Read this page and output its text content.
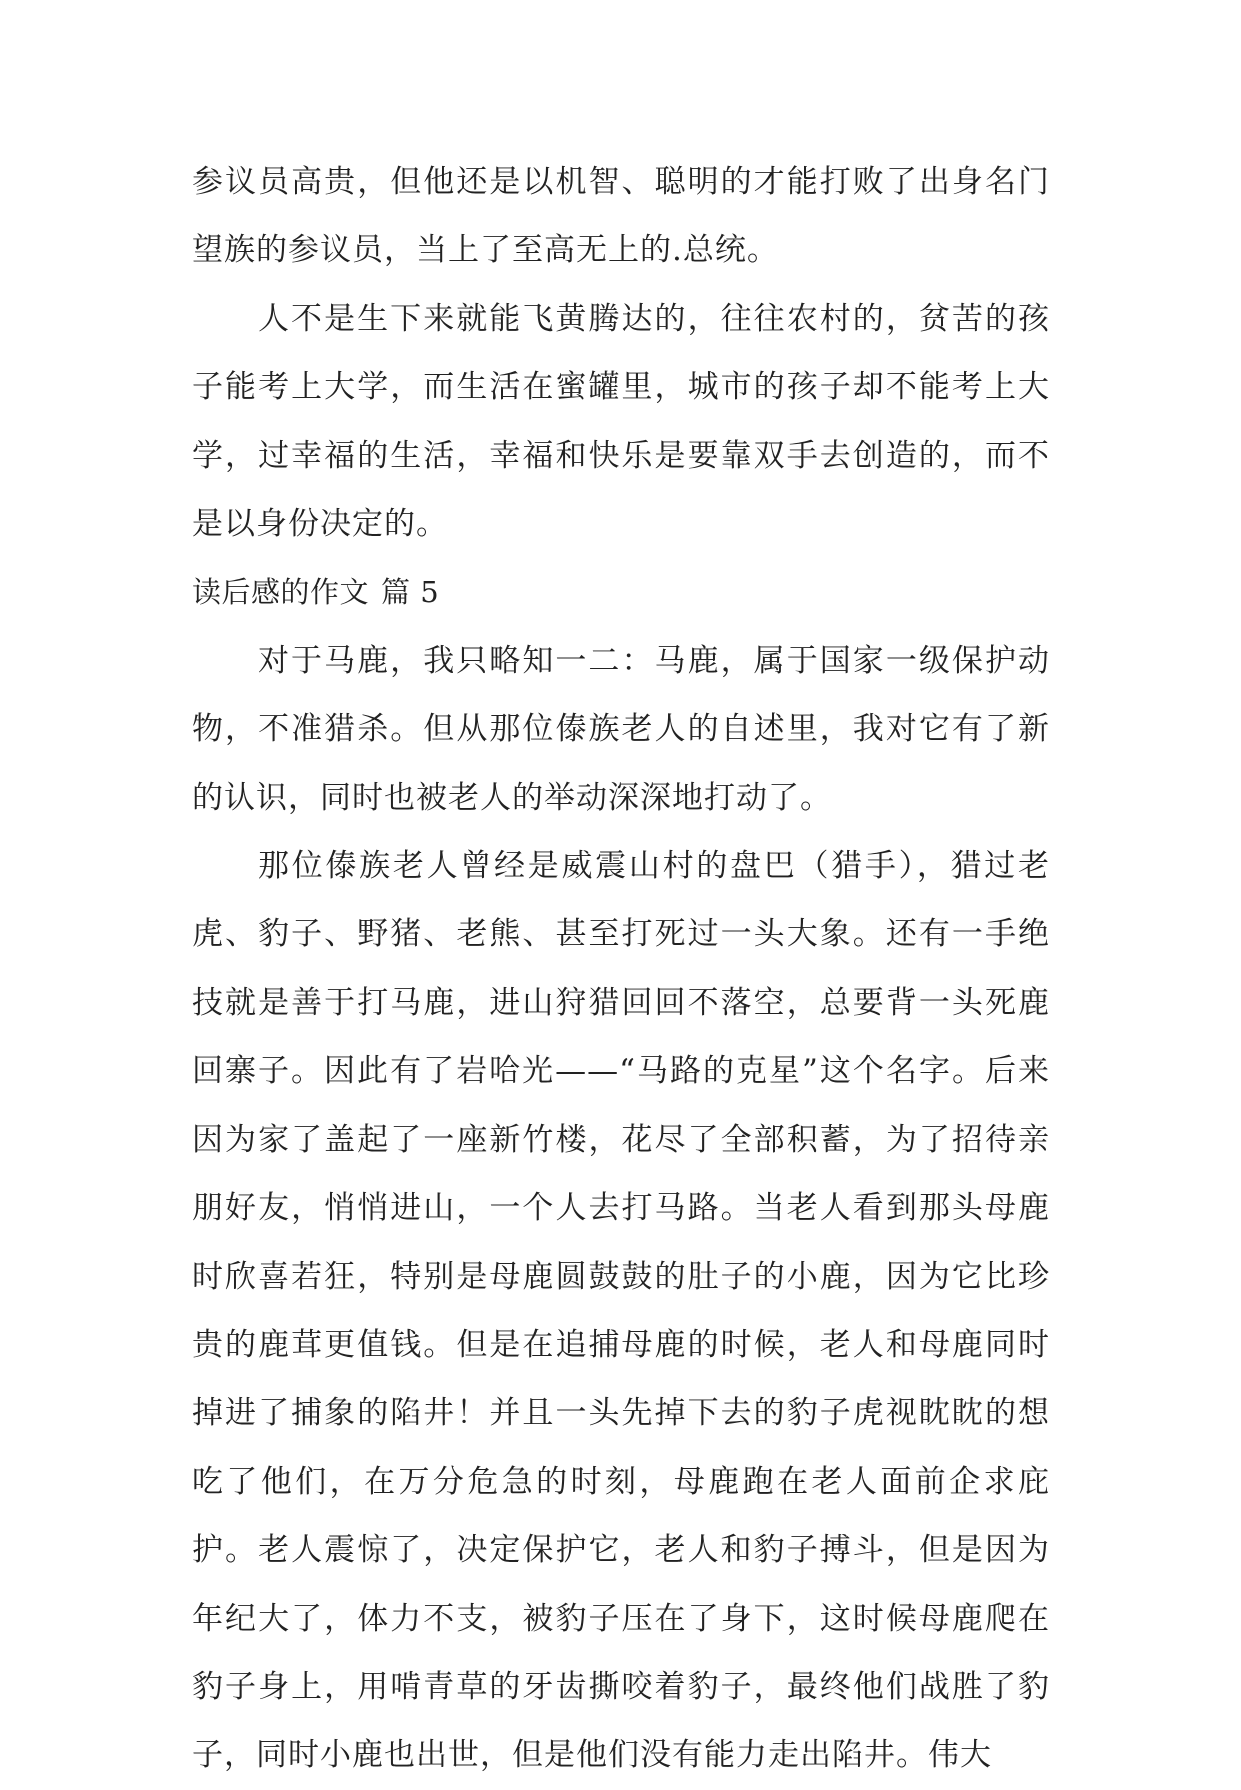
参议员高贵，但他还是以机智、聪明的才能打败了出身名门望族的参议员，当上了至高无上的.总统。

人不是生下来就能飞黄腾达的，往往农村的，贫苦的孩子能考上大学，而生活在蜜罐里，城市的孩子却不能考上大学，过幸福的生活，幸福和快乐是要靠双手去创造的，而不是以身份决定的。

读后感的作文 篇 5

对于马鹿，我只略知一二：马鹿，属于国家一级保护动物，不准猎杀。但从那位傣族老人的自述里，我对它有了新的认识，同时也被老人的举动深深地打动了。

那位傣族老人曾经是威震山村的盘巴（猎手），猎过老虎、豹子、野猪、老熊、甚至打死过一头大象。还有一手绝技就是善于打马鹿，进山狩猎回回不落空，总要背一头死鹿回寨子。因此有了岩哈光——“马路的克星”这个名字。后来因为家了盖起了一座新竹楼，花尽了全部积蓄，为了招待亲朋好友，悄悄进山，一个人去打马路。当老人看到那头母鹿时欣喜若狂，特别是母鹿圆鼓鼓的肚子的小鹿，因为它比珍贵的鹿茸更值钱。但是在追捕母鹿的时候，老人和母鹿同时掉进了捕象的陷井！并且一头先掉下去的豹子虎视眈眈的想吃了他们，在万分危急的时刻，母鹿跑在老人面前企求庇护。老人震惊了，决定保护它，老人和豹子搏斗，但是因为年纪大了，体力不支，被豹子压在了身下，这时候母鹿爬在豹子身上，用啃青草的牙齿撕咬着豹子，最终他们战胜了豹子，同时小鹿也出世，但是他们没有能力走出陷井。伟大
